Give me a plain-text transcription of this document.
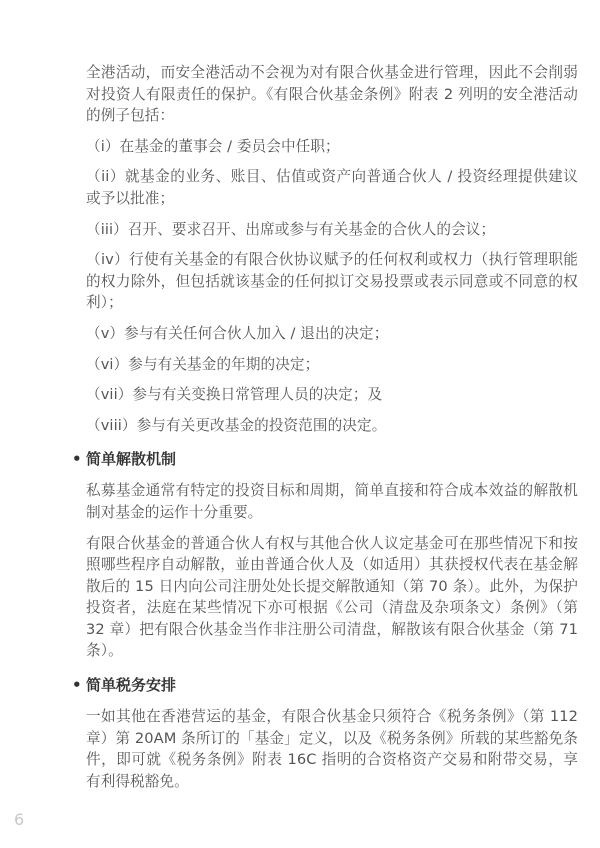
全港活动，而安全港活动不会视为对有限合伙基金进行管理，因此不会削弱对投资人有限责任的保护。《有限合伙基金条例》附表 2 列明的安全港活动的例子包括：

（i）在基金的董事会 / 委员会中任职；

（ii）就基金的业务、账目、估值或资产向普通合伙人 / 投资经理提供建议或予以批准；

（iii）召开、要求召开、出席或参与有关基金的合伙人的会议；

（iv）行使有关基金的有限合伙协议赋予的任何权利或权力（执行管理职能的权力除外，但包括就该基金的任何拟订交易投票或表示同意或不同意的权利）；

（v）参与有关任何合伙人加入 / 退出的决定；

（vi）参与有关基金的年期的决定；

（vii）参与有关变换日常管理人员的决定；及

（viii）参与有关更改基金的投资范围的决定。

• 简单解散机制

私募基金通常有特定的投资目标和周期，简单直接和符合成本效益的解散机制对基金的运作十分重要。

有限合伙基金的普通合伙人有权与其他合伙人议定基金可在那些情况下和按照哪些程序自动解散，並由普通合伙人及（如适用）其获授权代表在基金解散后的 15 日内向公司注册处处长提交解散通知（第 70 条）。此外，为保护投资者，法庭在某些情况下亦可根据《公司（清盘及杂项条文）条例》（第 32 章）把有限合伙基金当作非注册公司清盘，解散该有限合伙基金（第 71 条）。

• 简单税务安排

一如其他在香港营运的基金，有限合伙基金只须符合《税务条例》（第 112 章）第 20AM 条所订的「基金」定义，以及《税务条例》所载的某些豁免条件，即可就《税务条例》附表 16C 指明的合资格资产交易和附带交易，享有利得税豁免。

6
